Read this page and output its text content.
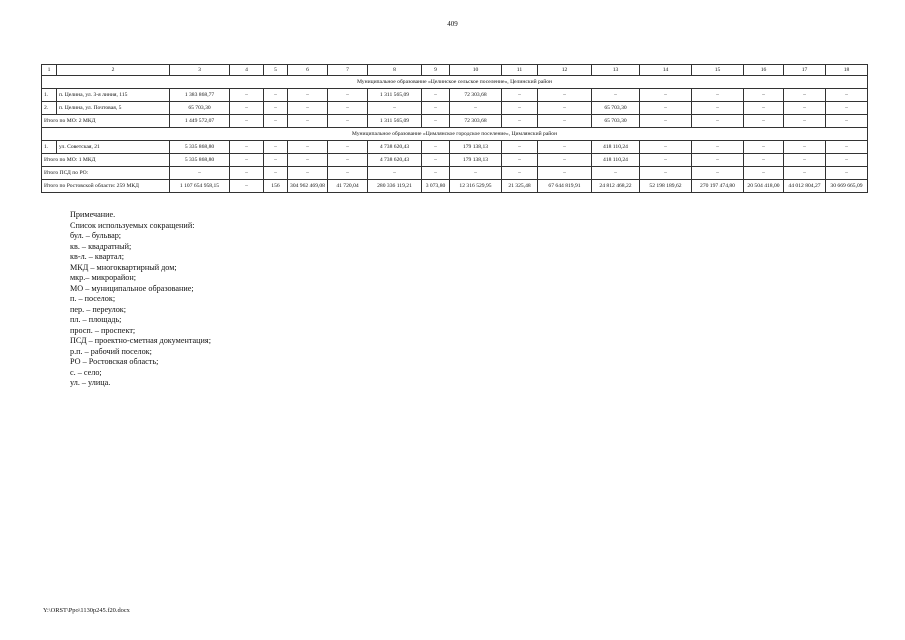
409
1	2	3	4	5	6	7	8	9	10	11	12	13	14	15	16	17	18
Муниципальное образование «Целинское сельское поселение», Целинский район																	
1.	п. Целина, ул. 3-я линия, 115	1 383 868,77	–	–	–	–	1 311 565,09	–	72 303,68	–	–	–	–	–	–	–	–
2.	п. Целина, ул. Почтовая, 5	65 703,30	–	–	–	–	–	–	–	–	–	65 703,30	–	–	–	–	–
Итого по МО: 2 МКД		1 449 572,07	–	–	–	–	1 311 565,09	–	72 303,68	–	–	65 703,30	–	–	–	–	–
Муниципальное образование «Цимлянское городское поселение», Цимлянский район																	
1.	ул. Советская, 21	5 335 868,80	–	–	–	–	4 738 620,43	–	179 138,13	–	–	418 110,24	–	–	–	–	–
Итого по МО: 1 МКД		5 335 868,80	–	–	–	–	4 738 620,43	–	179 138,13	–	–	418 110,24	–	–	–	–	–
Итого ПСД по РО:		–	–	–	–	–	–	–	–	–	–	–	–	–	–	–	–
Итого по Ростовской области: 259 МКД		1 107 654 958,15	–	156	304 962 469,08	41 720,04	280 336 119,21	3 073,80	12 316 529,95	21 325,48	67 644 819,91	24 812 468,22	52 198 189,62	270 197 474,80	20 504 418,00	44 012 804,27	30 669 665,09
Примечание.
Список используемых сокращений:
бул. – бульвар;
кв. – квадратный;
кв-л. – квартал;
МКД – многоквартирный дом;
мкр.– микрорайон;
МО – муниципальное образование;
п. – поселок;
пер. – переулок;
пл. – площадь;
просп. – проспект;
ПСД – проектно-сметная документация;
р.п. – рабочий поселок;
РО – Ростовская область;
с. – село;
ул. – улица.
Y:\ORST\Ppo\1130p245.f20.docx
